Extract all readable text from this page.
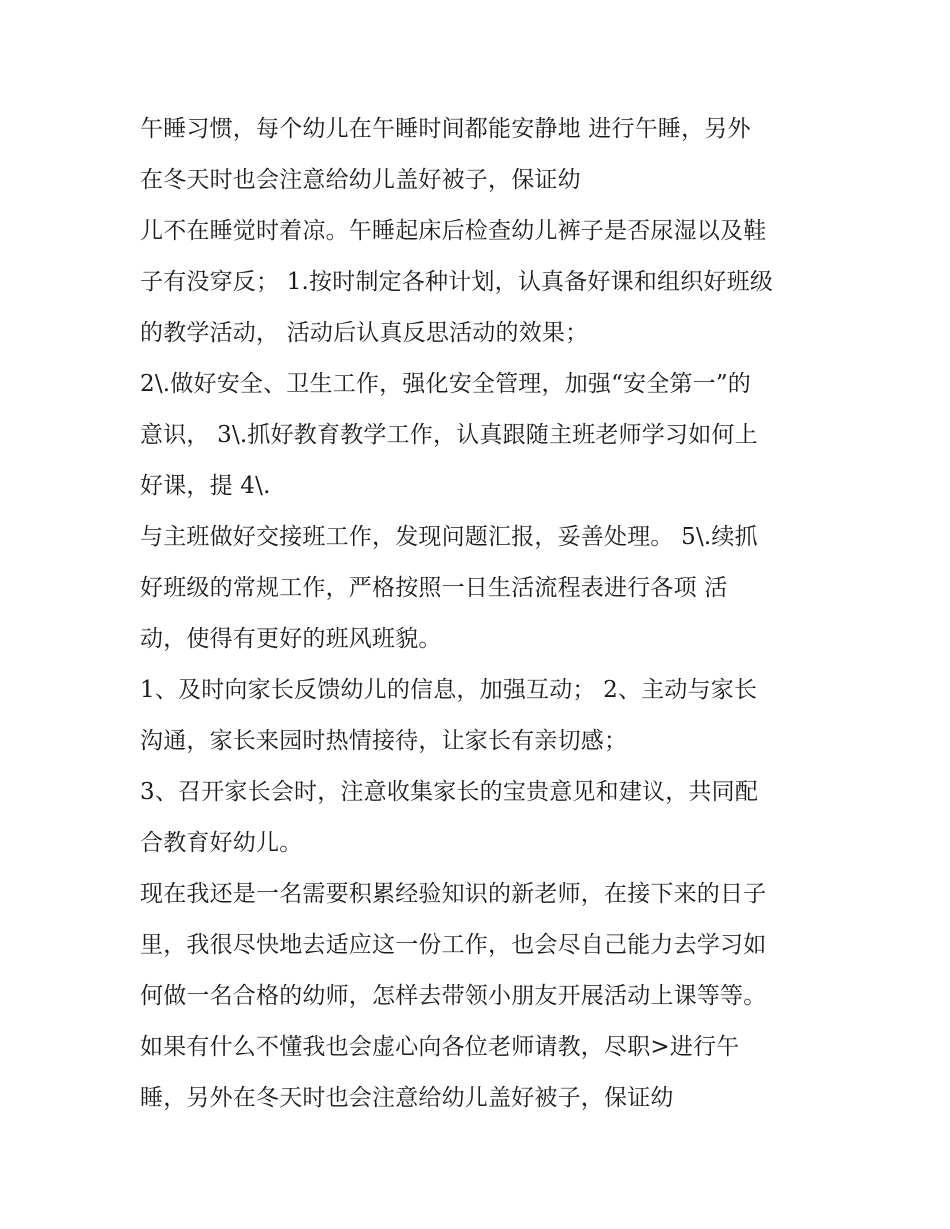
午睡习惯，每个幼儿在午睡时间都能安静地 进行午睡，另外
在冬天时也会注意给幼儿盖好被子，保证幼
儿不在睡觉时着凉。午睡起床后检查幼儿裤子是否尿湿以及鞋
子有没穿反； 1.按时制定各种计划，认真备好课和组织好班级
的教学活动， 活动后认真反思活动的效果；
2\.做好安全、卫生工作，强化安全管理，加强“安全第一”的
意识， 3\.抓好教育教学工作，认真跟随主班老师学习如何上
好课，提 4\.
与主班做好交接班工作，发现问题汇报，妥善处理。 5\.续抓
好班级的常规工作，严格按照一日生活流程表进行各项 活
动，使得有更好的班风班貌。
1、及时向家长反馈幼儿的信息，加强互动； 2、主动与家长
沟通，家长来园时热情接待，让家长有亲切感；
3、召开家长会时，注意收集家长的宝贵意见和建议，共同配
合教育好幼儿。
现在我还是一名需要积累经验知识的新老师，在接下来的日子
里，我很尽快地去适应这一份工作，也会尽自己能力去学习如
何做一名合格的幼师，怎样去带领小朋友开展活动上课等等。
如果有什么不懂我也会虚心向各位老师请教，尽职>进行午
睡，另外在冬天时也会注意给幼儿盖好被子，保证幼
